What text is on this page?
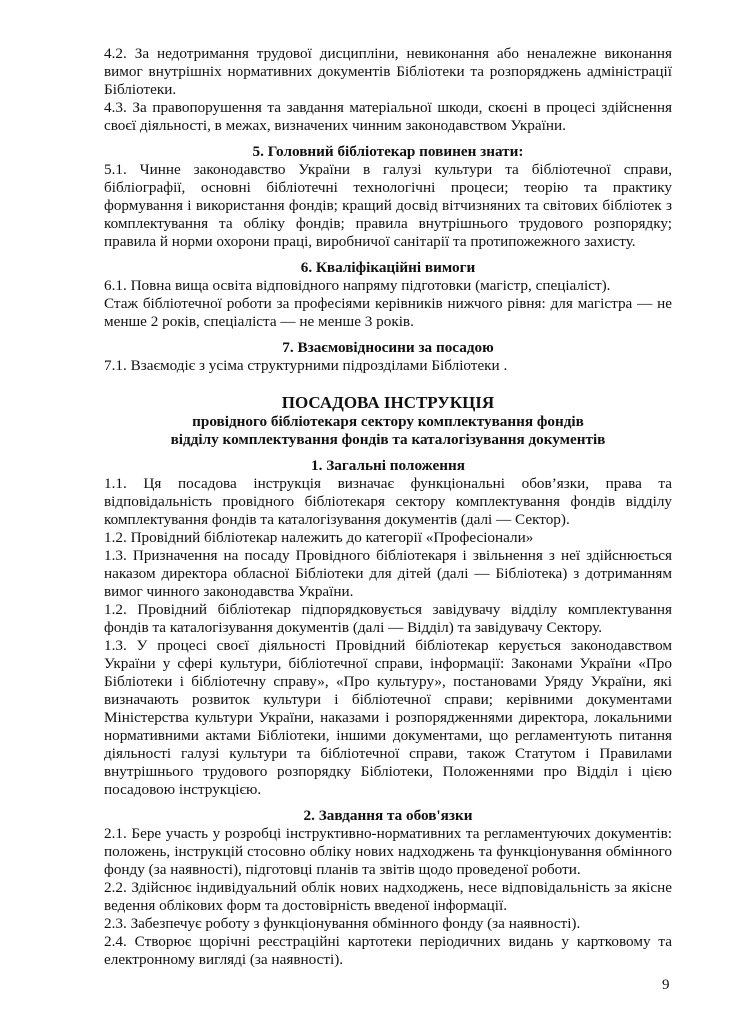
4.2. За недотримання трудової дисципліни, невиконання або неналежне виконання вимог внутрішніх нормативних документів Бібліотеки та розпоряджень адміністрації Бібліотеки.

4.3. За правопорушення та завдання матеріальної шкоди, скоєні в процесі здійснення своєї діяльності, в межах, визначених чинним законодавством України.

5. Головний бібліотекар повинен знати:

5.1. Чинне законодавство України в галузі культури та бібліотечної справи, бібліографії, основні бібліотечні технологічні процеси; теорію та практику формування і використання фондів; кращий досвід вітчизняних та світових бібліотек з комплектування та обліку фондів; правила внутрішнього трудового розпорядку; правила й норми охорони праці, виробничої санітарії та протипожежного захисту.

6. Кваліфікаційні вимоги

6.1. Повна вища освіта відповідного напряму підготовки (магістр, спеціаліст).

Стаж бібліотечної роботи за професіями керівників нижчого рівня: для магістра — не менше 2 років, спеціаліста — не менше 3 років.

7. Взаємовідносини за посадою

7.1. Взаємодіє з усіма структурними підрозділами Бібліотеки .

ПОСАДОВА ІНСТРУКЦІЯ

провідного бібліотекаря сектору комплектування фондів

відділу комплектування фондів та каталогізування документів

1. Загальні положення

1.1. Ця посадова інструкція визначає функціональні обов’язки, права та відповідальність провідного бібліотекаря сектору комплектування фондів відділу комплектування фондів та каталогізування документів (далі — Сектор).

1.2. Провідний бібліотекар належить до категорії «Професіонали»

1.3. Призначення на посаду Провідного бібліотекаря і звільнення з неї здійснюється наказом директора обласної Бібліотеки для дітей (далі — Бібліотека) з дотриманням вимог чинного законодавства України.

1.2. Провідний бібліотекар підпорядковується завідувачу відділу комплектування фондів та каталогізування документів (далі — Відділ) та завідувачу Сектору.

1.3. У процесі своєї діяльності Провідний бібліотекар керується законодавством України у сфері культури, бібліотечної справи, інформації: Законами України «Про Бібліотеки і бібліотечну справу», «Про культуру», постановами Уряду України, які визначають розвиток культури і бібліотечної справи; керівними документами Міністерства культури України, наказами і розпорядженнями директора, локальними нормативними актами Бібліотеки, іншими документами, що регламентують питання діяльності галузі культури та бібліотечної справи, також Статутом і Правилами внутрішнього трудового розпорядку Бібліотеки, Положеннями про Відділ і цією посадовою інструкцією.

2. Завдання та обов'язки

2.1. Бере участь у розробці інструктивно-нормативних та регламентуючих документів: положень, інструкцій стосовно обліку нових надходжень та функціонування обмінного фонду (за наявності), підготовці планів та звітів щодо проведеної роботи.

2.2. Здійснює індивідуальний облік нових надходжень, несе відповідальність за якісне ведення облікових форм та достовірність введеної інформації.

2.3. Забезпечує роботу з функціонування обмінного фонду (за наявності).

2.4. Створює щорічні реєстраційні картотеки періодичних видань у картковому та електронному вигляді (за наявності).

9
